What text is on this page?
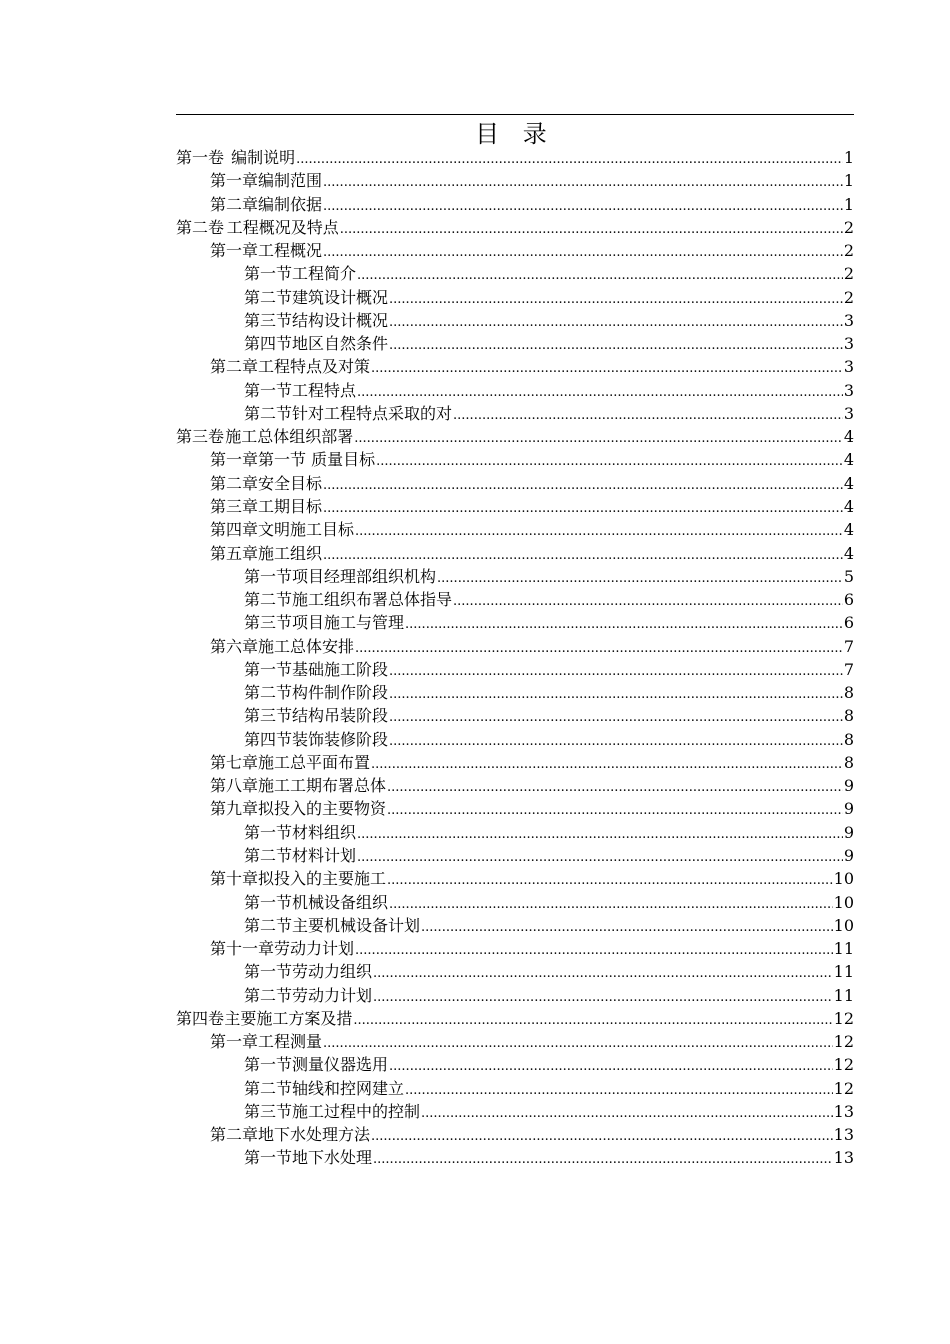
目 录
第一卷 编制说明 .....	1
第一章 编制范围 .....	1
第二章 编制依据 .....	1
第二卷 工程概况及特点 .....	2
第一章 工程概况 .....	2
第一节 工程简介 .....	2
第二节 建筑设计概况 .....	2
第三节 结构设计概况 .....	3
第四节 地区自然条件 .....	3
第二章 工程特点及对策 .....	3
第一节 工程特点 .....	3
第二节 针对工程特点采取的对 .....	3
第三卷 施工总体组织部署 .....	4
第一章 第一节 质量目标 .....	4
第二章 安全目标 .....	4
第三章 工期目标 .....	4
第四章 文明施工目标 .....	4
第五章 施工组织 .....	4
第一节 项目经理部组织机构 .....	5
第二节 施工组织布署总体指导 .....	6
第三节 项目施工与管理 .....	6
第六章 施工总体安排 .....	7
第一节 基础施工阶段 .....	7
第二节 构件制作阶段 .....	8
第三节 结构吊装阶段 .....	8
第四节 装饰装修阶段 .....	8
第七章 施工总平面布置 .....	8
第八章 施工工期布署总体 .....	9
第九章 拟投入的主要物资 .....	9
第一节 材料组织 .....	9
第二节 材料计划 .....	9
第十章 拟投入的主要施工 .....	10
第一节 机械设备组织 .....	10
第二节 主要机械设备计划 .....	10
第十一章 劳动力计划 .....	11
第一节 劳动力组织 .....	11
第二节 劳动力计划 .....	11
第四卷 主要施工方案及措 .....	12
第一章 工程测量 .....	12
第一节 测量仪器选用 .....	12
第二节 轴线和控网建立 .....	12
第三节 施工过程中的控制 .....	13
第二章 地下水处理方法 .....	13
第一节 地下水处理 .....	13
